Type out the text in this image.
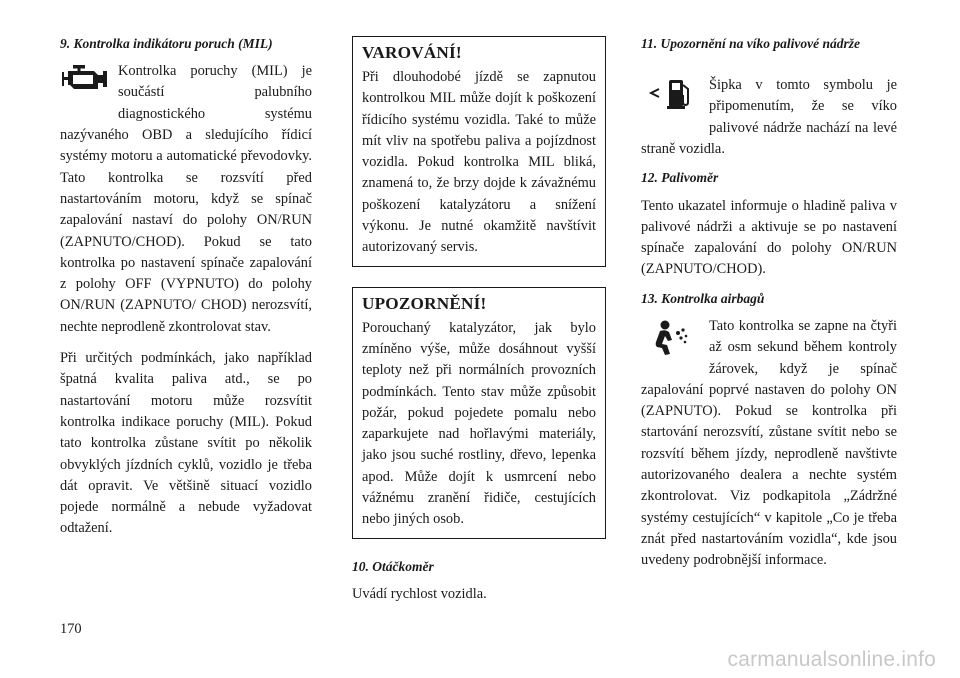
9. Kontrolka indikátoru poruch (MIL)

Kontrolka poruchy (MIL) je součástí palubního diagnostického systému nazývaného OBD a sledujícího řídicí systémy motoru a automatické převodovky. Tato kontrolka se rozsvítí před nastartováním motoru, když se spínač zapalování nastaví do polohy ON/RUN (ZAPNUTO/CHOD). Pokud se tato kontrolka po nastavení spínače zapalování z polohy OFF (VYPNUTO) do polohy ON/RUN (ZAPNUTO/ CHOD) nerozsvítí, nechte neprodleně zkontrolovat stav.

Při určitých podmínkách, jako například špatná kvalita paliva atd., se po nastartování motoru může rozsvítit kontrolka indikace poruchy (MIL). Pokud tato kontrolka zůstane svítit po několik obvyklých jízdních cyklů, vozidlo je třeba dát opravit. Ve většině situací vozidlo pojede normálně a nebude vyžadovat odtažení.

VAROVÁNÍ!

Při dlouhodobé jízdě se zapnutou kontrolkou MIL může dojít k poškození řídicího systému vozidla. Také to může mít vliv na spotřebu paliva a pojízdnost vozidla. Pokud kontrolka MIL bliká, znamená to, že brzy dojde k závažnému poškození katalyzátoru a snížení výkonu. Je nutné okamžitě navštívit autorizovaný servis.

UPOZORNĚNÍ!

Porouchaný katalyzátor, jak bylo zmíněno výše, může dosáhnout vyšší teploty než při normálních provozních podmínkách. Tento stav může způsobit požár, pokud pojedete pomalu nebo zaparkujete nad hořlavými materiály, jako jsou suché rostliny, dřevo, lepenka apod. Může dojít k usmrcení nebo vážnému zranění řidiče, cestujících nebo jiných osob.

10. Otáčkoměr

Uvádí rychlost vozidla.

11. Upozornění na víko palivové nádrže

Šipka v tomto symbolu je připomenutím, že se víko palivové nádrže nachází na levé straně vozidla.

12. Palivoměr

Tento ukazatel informuje o hladině paliva v palivové nádrži a aktivuje se po nastavení spínače zapalování do polohy ON/RUN (ZAPNUTO/CHOD).

13. Kontrolka airbagů

Tato kontrolka se zapne na čtyři až osm sekund během kontroly žárovek, když je spínač zapalování poprvé nastaven do polohy ON (ZAPNUTO). Pokud se kontrolka při startování nerozsvítí, zůstane svítit nebo se rozsvítí během jízdy, neprodleně navštivte autorizovaného dealera a nechte systém zkontrolovat. Viz podkapitola „Zádržné systémy cestujících“ v kapitole „Co je třeba znát před nastartováním vozidla“, kde jsou uvedeny podrobnější informace.

170
carmanualsonline.info
